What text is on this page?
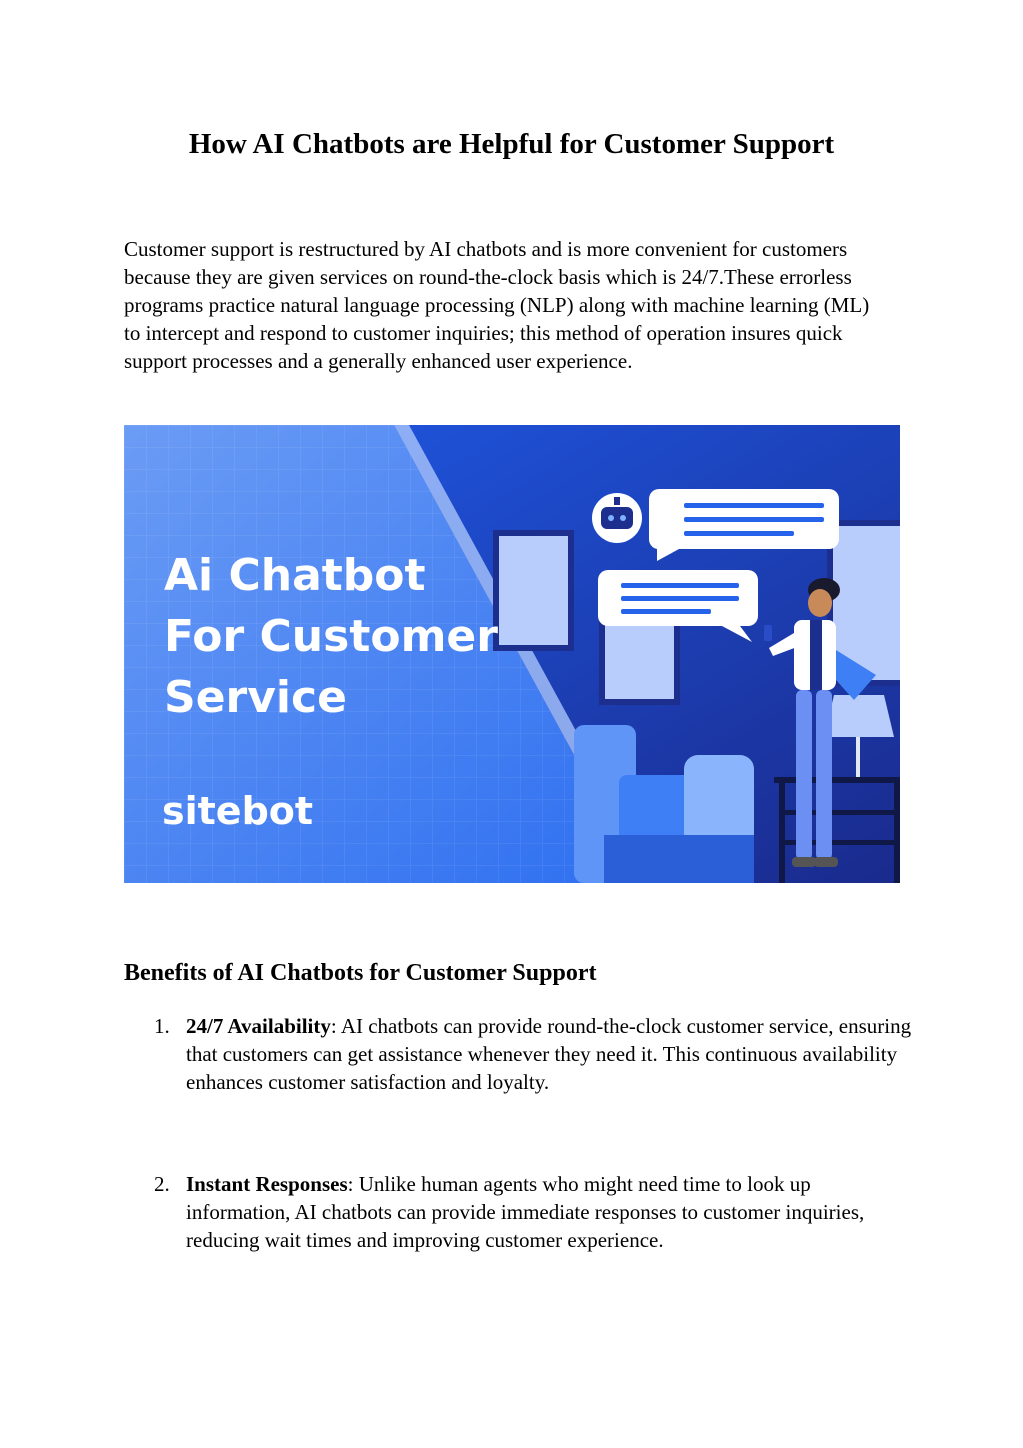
How AI Chatbots are Helpful for Customer Support

Customer support is restructured by AI chatbots and is more convenient for customers because they are given services on round-the-clock basis which is 24/7.These errorless programs practice natural language processing (NLP) along with machine learning (ML) to intercept and respond to customer inquiries; this method of operation insures quick support processes and a generally enhanced user experience.

Ai Chatbot
For Customer
Service
sitebot
Benefits of AI Chatbots for Customer Support
1. 24/7 Availability: AI chatbots can provide round-the-clock customer service, ensuring that customers can get assistance whenever they need it. This continuous availability enhances customer satisfaction and loyalty.
2. Instant Responses: Unlike human agents who might need time to look up information, AI chatbots can provide immediate responses to customer inquiries, reducing wait times and improving customer experience.
